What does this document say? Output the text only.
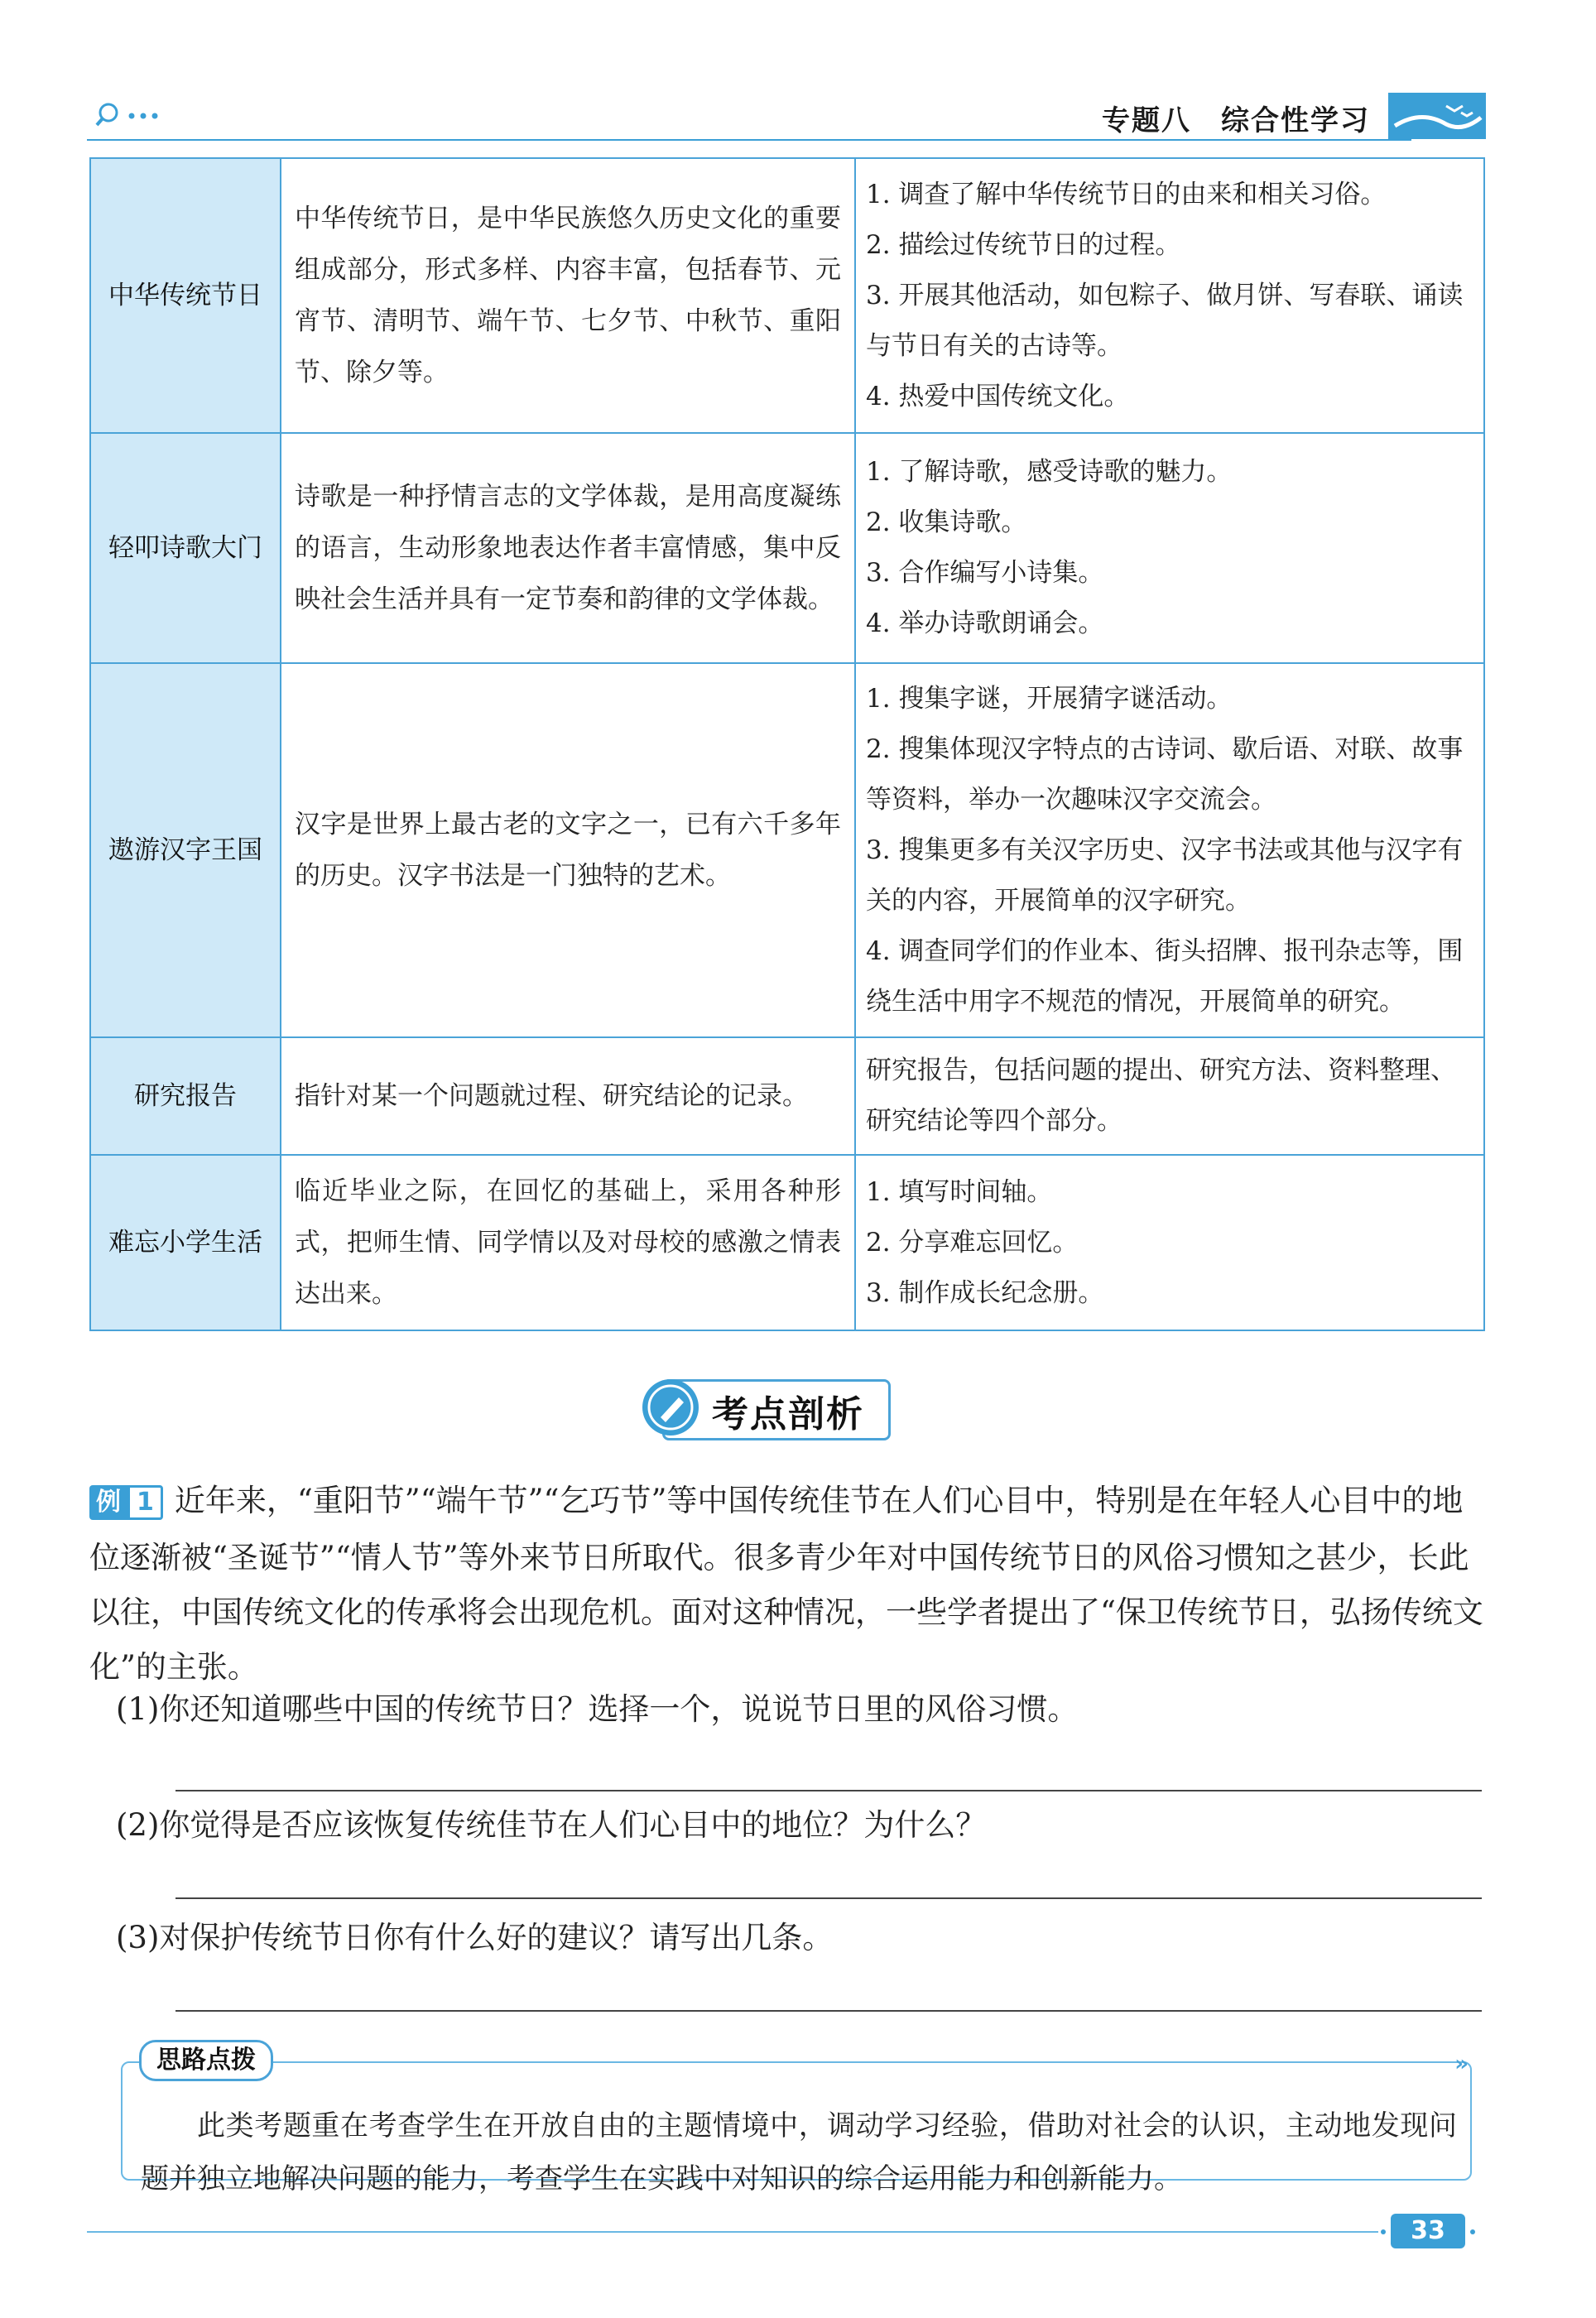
专题八　综合性学习
中华传统节日	中华传统节日，是中华民族悠久历史文化的重要组成部分，形式多样、内容丰富，包括春节、元宵节、清明节、端午节、七夕节、中秋节、重阳节、除夕等。	1. 调查了解中华传统节日的由来和相关习俗。
2. 描绘过传统节日的过程。
3. 开展其他活动，如包粽子、做月饼、写春联、诵读与节日有关的古诗等。
4. 热爱中国传统文化。

轻叩诗歌大门	诗歌是一种抒情言志的文学体裁，是用高度凝练的语言，生动形象地表达作者丰富情感，集中反映社会生活并具有一定节奏和韵律的文学体裁。	1. 了解诗歌，感受诗歌的魅力。
2. 收集诗歌。
3. 合作编写小诗集。
4. 举办诗歌朗诵会。

遨游汉字王国	汉字是世界上最古老的文字之一，已有六千多年的历史。汉字书法是一门独特的艺术。	1. 搜集字谜，开展猜字谜活动。
2. 搜集体现汉字特点的古诗词、歇后语、对联、故事等资料，举办一次趣味汉字交流会。
3. 搜集更多有关汉字历史、汉字书法或其他与汉字有关的内容，开展简单的汉字研究。
4. 调查同学们的作业本、街头招牌、报刊杂志等，围绕生活中用字不规范的情况，开展简单的研究。

研究报告	指针对某一个问题就过程、研究结论的记录。	研究报告，包括问题的提出、研究方法、资料整理、研究结论等四个部分。

难忘小学生活	临近毕业之际，在回忆的基础上，采用各种形式，把师生情、同学情以及对母校的感激之情表达出来。	1. 填写时间轴。
2. 分享难忘回忆。
3. 制作成长纪念册。
考点剖析
例 1 近年来，“重阳节”“端午节”“乞巧节”等中国传统佳节在人们心目中，特别是在年轻人心目中的地位逐渐被“圣诞节”“情人节”等外来节日所取代。很多青少年对中国传统节日的风俗习惯知之甚少，长此以往，中国传统文化的传承将会出现危机。面对这种情况，一些学者提出了“保卫传统节日，弘扬传统文化”的主张。
(1)你还知道哪些中国的传统节日？选择一个，说说节日里的风俗习惯。
(2)你觉得是否应该恢复传统佳节在人们心目中的地位？为什么？
(3)对保护传统节日你有什么好的建议？请写出几条。
此类考题重在考查学生在开放自由的主题情境中，调动学习经验，借助对社会的认识，主动地发现问题并独立地解决问题的能力，考查学生在实践中对知识的综合运用能力和创新能力。
思路点拨	»
33
